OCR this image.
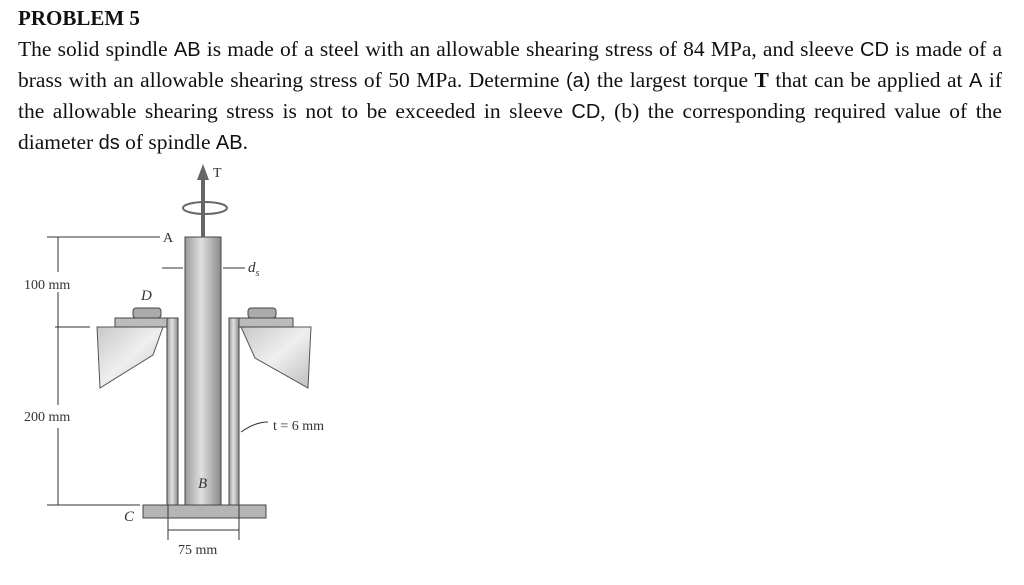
PROBLEM 5
The solid spindle AB is made of a steel with an allowable shearing stress of 84 MPa, and sleeve CD is made of a brass with an allowable shearing stress of 50 MPa. Determine (a) the largest torque T that can be applied at A if the allowable shearing stress is not to be exceeded in sleeve CD, (b) the corresponding required value of the diameter ds of spindle AB.
T
A
$d_s$
100 mm
D
200 mm
B
C
t = 6 mm
75 mm
